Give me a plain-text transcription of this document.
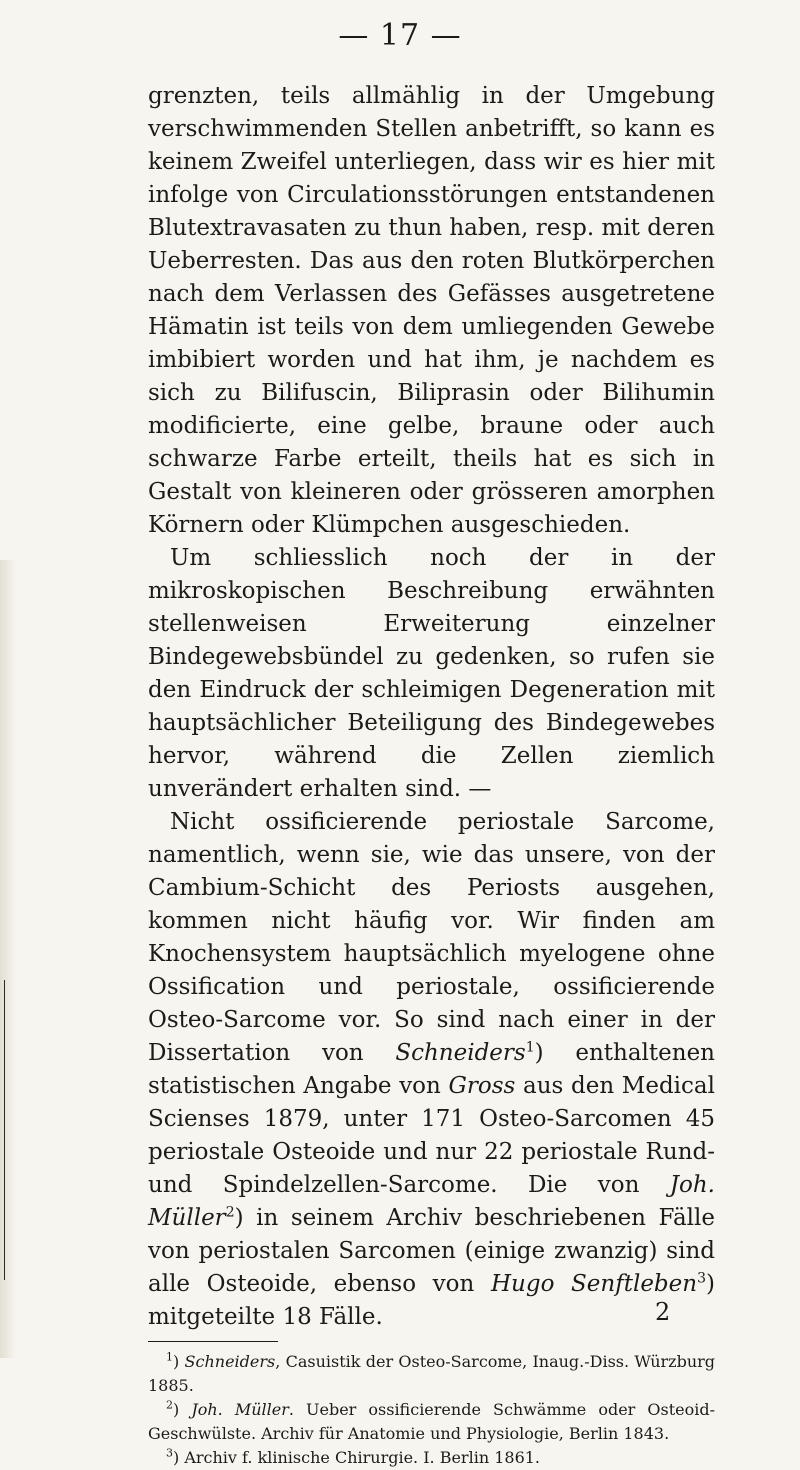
— 17 —

grenzten, teils allmählig in der Umgebung verschwimmenden Stellen anbetrifft, so kann es keinem Zweifel unterliegen, dass wir es hier mit infolge von Circulationsstörungen entstandenen Blutextravasaten zu thun haben, resp. mit deren Ueberresten. Das aus den roten Blutkörperchen nach dem Verlassen des Gefässes ausgetretene Hämatin ist teils von dem umliegenden Gewebe imbibiert worden und hat ihm, je nachdem es sich zu Bilifuscin, Biliprasin oder Bilihumin modificierte, eine gelbe, braune oder auch schwarze Farbe erteilt, theils hat es sich in Gestalt von kleineren oder grösseren amorphen Körnern oder Klümpchen ausgeschieden.

Um schliesslich noch der in der mikroskopischen Beschreibung erwähnten stellenweisen Erweiterung einzelner Bindegewebsbündel zu gedenken, so rufen sie den Eindruck der schleimigen Degeneration mit hauptsächlicher Beteiligung des Bindegewebes hervor, während die Zellen ziemlich unverändert erhalten sind. —

Nicht ossificierende periostale Sarcome, namentlich, wenn sie, wie das unsere, von der Cambium-Schicht des Periosts ausgehen, kommen nicht häufig vor. Wir finden am Knochensystem hauptsächlich myelogene ohne Ossification und periostale, ossificierende Osteo-Sarcome vor. So sind nach einer in der Dissertation von Schneiders$^1$) enthaltenen statistischen Angabe von Gross aus den Medical Scienses 1879, unter 171 Osteo-Sarcomen 45 periostale Osteoide und nur 22 periostale Rund- und Spindelzellen-Sarcome. Die von Joh. Müller$^2$) in seinem Archiv beschriebenen Fälle von periostalen Sarcomen (einige zwanzig) sind alle Osteoide, ebenso von Hugo Senftleben$^3$) mitgeteilte 18 Fälle.

$^1$) Schneiders, Casuistik der Osteo-Sarcome, Inaug.-Diss. Würzburg 1885.

$^2$) Joh. Müller. Ueber ossificierende Schwämme oder Osteoid-Geschwülste. Archiv für Anatomie und Physiologie, Berlin 1843.

$^3$) Archiv f. klinische Chirurgie. I. Berlin 1861.

2
